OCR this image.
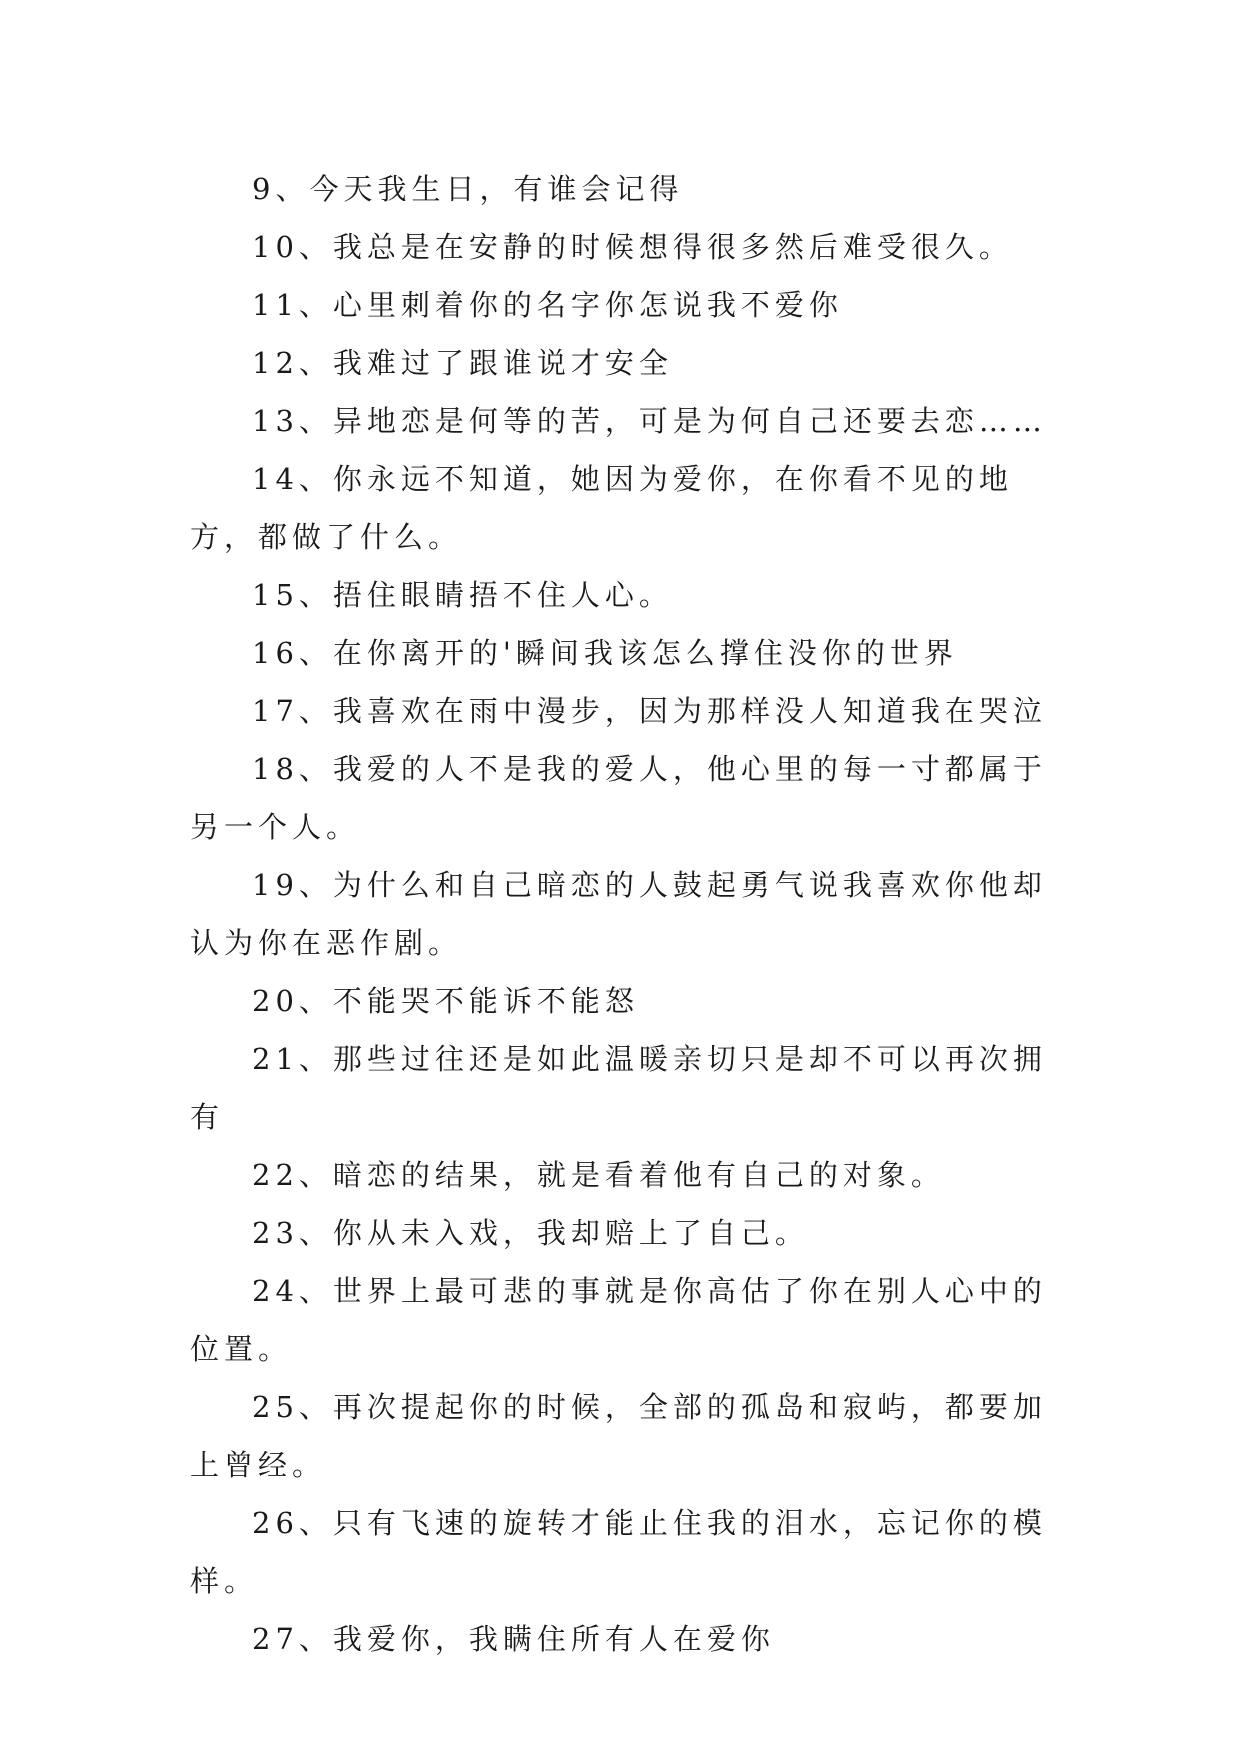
9、今天我生日，有谁会记得

10、我总是在安静的时候想得很多然后难受很久。

11、心里刺着你的名字你怎说我不爱你

12、我难过了跟谁说才安全

13、异地恋是何等的苦，可是为何自己还要去恋……

14、你永远不知道，她因为爱你，在你看不见的地方，都做了什么。

15、捂住眼睛捂不住人心。

16、在你离开的'瞬间我该怎么撑住没你的世界

17、我喜欢在雨中漫步，因为那样没人知道我在哭泣

18、我爱的人不是我的爱人，他心里的每一寸都属于另一个人。

19、为什么和自己暗恋的人鼓起勇气说我喜欢你他却认为你在恶作剧。

20、不能哭不能诉不能怒

21、那些过往还是如此温暖亲切只是却不可以再次拥有

22、暗恋的结果，就是看着他有自己的对象。

23、你从未入戏，我却赔上了自己。

24、世界上最可悲的事就是你高估了你在别人心中的位置。

25、再次提起你的时候，全部的孤岛和寂屿，都要加上曾经。

26、只有飞速的旋转才能止住我的泪水，忘记你的模样。

27、我爱你，我瞒住所有人在爱你
